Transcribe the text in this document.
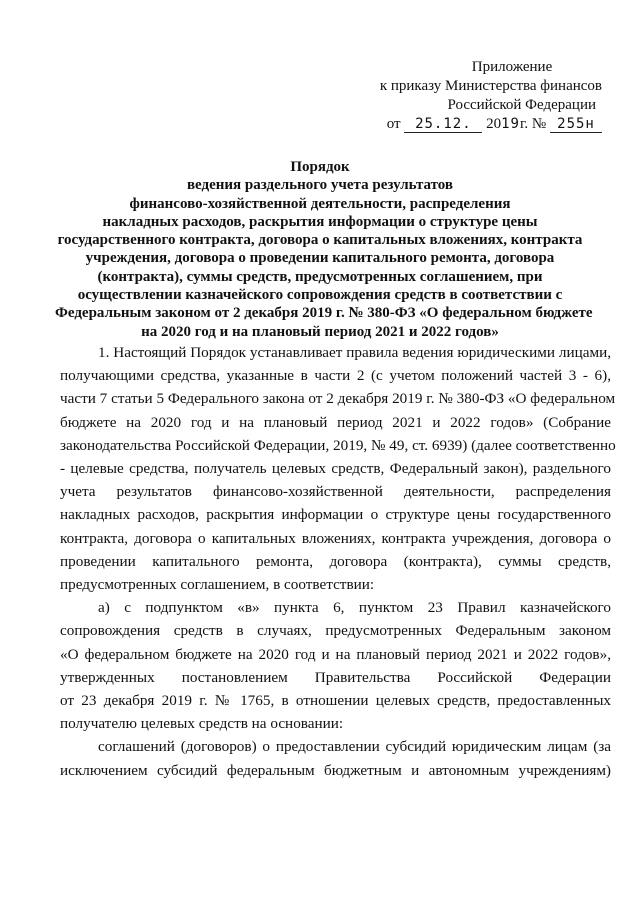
Приложение
к приказу Министерства финансов
Российской Федерации
от 25.12. 2019г. № 255н
Порядок
ведения раздельного учета результатов
финансово-хозяйственной деятельности, распределения
накладных расходов, раскрытия информации о структуре цены
государственного контракта, договора о капитальных вложениях, контракта
учреждения, договора о проведении капитального ремонта, договора
(контракта), суммы средств, предусмотренных соглашением, при
осуществлении казначейского сопровождения средств в соответствии с
Федеральным законом от 2 декабря 2019 г. № 380-ФЗ «О федеральном бюджете
на 2020 год и на плановый период 2021 и 2022 годов»
1. Настоящий Порядок устанавливает правила ведения юридическими лицами,
получающими средства, указанные в части 2 (с учетом положений частей 3 - 6),
части 7 статьи 5 Федерального закона от 2 декабря 2019 г. № 380-ФЗ «О федеральном
бюджете на 2020 год и на плановый период 2021 и 2022 годов» (Собрание
законодательства Российской Федерации, 2019, № 49, ст. 6939) (далее соответственно
- целевые средства, получатель целевых средств, Федеральный закон), раздельного
учета результатов финансово-хозяйственной деятельности, распределения
накладных расходов, раскрытия информации о структуре цены государственного
контракта, договора о капитальных вложениях, контракта учреждения, договора о
проведении капитального ремонта, договора (контракта), суммы средств,
предусмотренных соглашением, в соответствии:
а) с подпунктом «в» пункта 6, пунктом 23 Правил казначейского
сопровождения средств в случаях, предусмотренных Федеральным законом
«О федеральном бюджете на 2020 год и на плановый период 2021 и 2022 годов»,
утвержденных постановлением Правительства Российской Федерации
от 23 декабря 2019 г. № 1765, в отношении целевых средств, предоставленных
получателю целевых средств на основании:
соглашений (договоров) о предоставлении субсидий юридическим лицам (за
исключением субсидий федеральным бюджетным и автономным учреждениям)
